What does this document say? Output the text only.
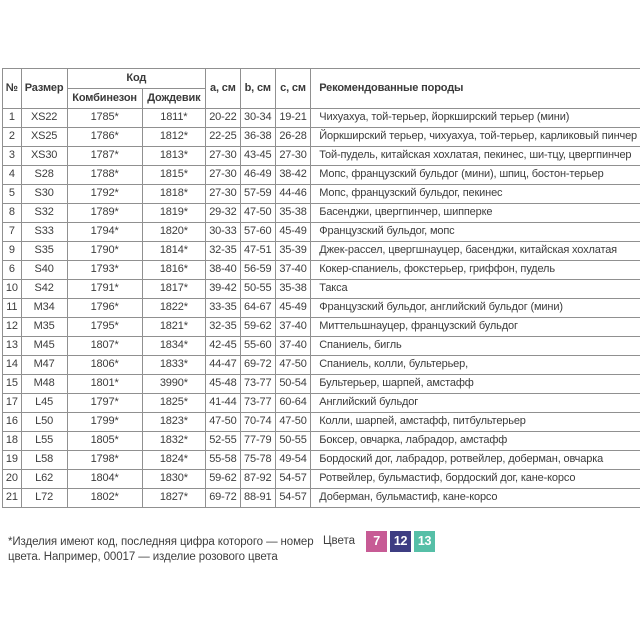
№	Размер	Код		a, см	b, см	c, см	Рекомендованные породы
		Комбинезон	Дождевик				
1	XS22	1785*	1811*	20-22	30-34	19-21	Чихуахуа, той-терьер, йоркширский терьер (мини)
2	XS25	1786*	1812*	22-25	36-38	26-28	Йоркширский терьер, чихуахуа, той-терьер, карликовый пинчер
3	XS30	1787*	1813*	27-30	43-45	27-30	Той-пудель, китайская хохлатая, пекинес, ши-тцу, цвергпинчер
4	S28	1788*	1815*	27-30	46-49	38-42	Мопс, французский бульдог (мини), шпиц, бостон-терьер
5	S30	1792*	1818*	27-30	57-59	44-46	Мопс, французский бульдог, пекинес
8	S32	1789*	1819*	29-32	47-50	35-38	Басенджи, цвергпинчер, шипперке
7	S33	1794*	1820*	30-33	57-60	45-49	Французский бульдог, мопс
9	S35	1790*	1814*	32-35	47-51	35-39	Джек-рассел, цвергшнауцер, басенджи, китайская хохлатая
6	S40	1793*	1816*	38-40	56-59	37-40	Кокер-спаниель, фокстерьер, гриффон, пудель
10	S42	1791*	1817*	39-42	50-55	35-38	Такса
11	M34	1796*	1822*	33-35	64-67	45-49	Французский бульдог, английский бульдог (мини)
12	M35	1795*	1821*	32-35	59-62	37-40	Миттельшнауцер, французский бульдог
13	M45	1807*	1834*	42-45	55-60	37-40	Спаниель, бигль
14	M47	1806*	1833*	44-47	69-72	47-50	Спаниель, колли, бультерьер,
15	M48	1801*	3990*	45-48	73-77	50-54	Бультерьер, шарпей, амстафф
17	L45	1797*	1825*	41-44	73-77	60-64	Английский бульдог
16	L50	1799*	1823*	47-50	70-74	47-50	Колли, шарпей, амстафф, питбультерьер
18	L55	1805*	1832*	52-55	77-79	50-55	Боксер, овчарка, лабрадор, амстафф
19	L58	1798*	1824*	55-58	75-78	49-54	Бордоский дог, лабрадор, ротвейлер, доберман, овчарка
20	L62	1804*	1830*	59-62	87-92	54-57	Ротвейлер, бульмастиф, бордоский дог, кане-корсо
21	L72	1802*	1827*	69-72	88-91	54-57	Доберман, бульмастиф, кане-корсо
*Изделия имеют код, последняя цифра которого — номер
цвета. Например, 00017 — изделие розового цвета
Цвета	7	12 13
